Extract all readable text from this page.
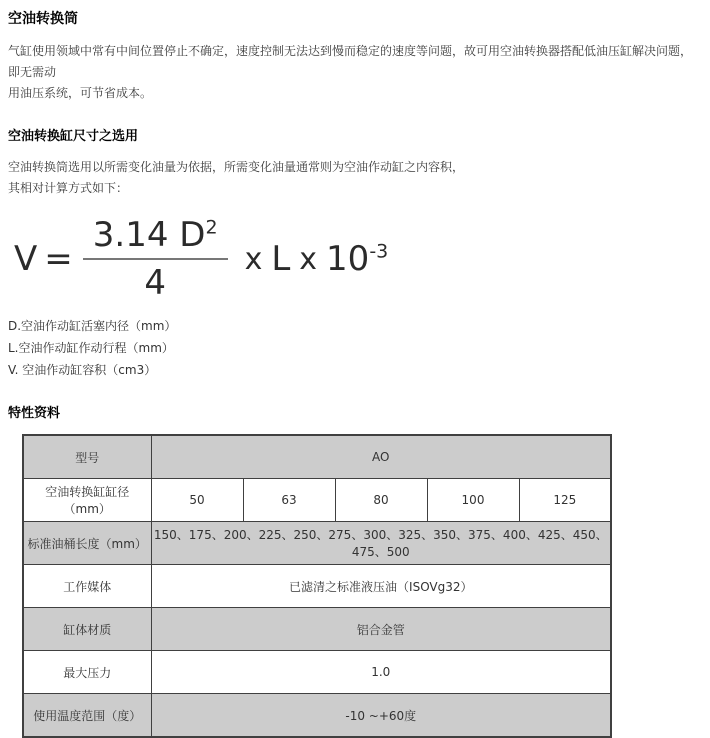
空油转换筒

气缸使用领域中常有中间位置停止不确定，速度控制无法达到慢而稳定的速度等问题，故可用空油转换器搭配低油压缸解决问题，即无需动
用油压系统，可节省成本。

空油转换缸尺寸之选用

空油转换筒选用以所需变化油量为依据，所需变化油量通常则为空油作动缸之内容积，
其相对计算方式如下：

$V = \frac{3.14 D^2}{4}$ x L x $10^{-3}$

D.空油作动缸活塞内径（mm）

L.空油作动缸作动行程（mm）

V. 空油作动缸容积（cm3）

特性资料
型号	AO				
空油转换缸缸径（mm）	50	63	80	100	125
标准油桶长度（mm）	150、175、200、225、250、275、300、325、350、375、400、425、450、475、500				
工作媒体	已滤清之标准液压油（ISOVg32）				
缸体材质	铝合金管				
最大压力	1.0				
使用温度范围（度）	-10 ~+60度				
